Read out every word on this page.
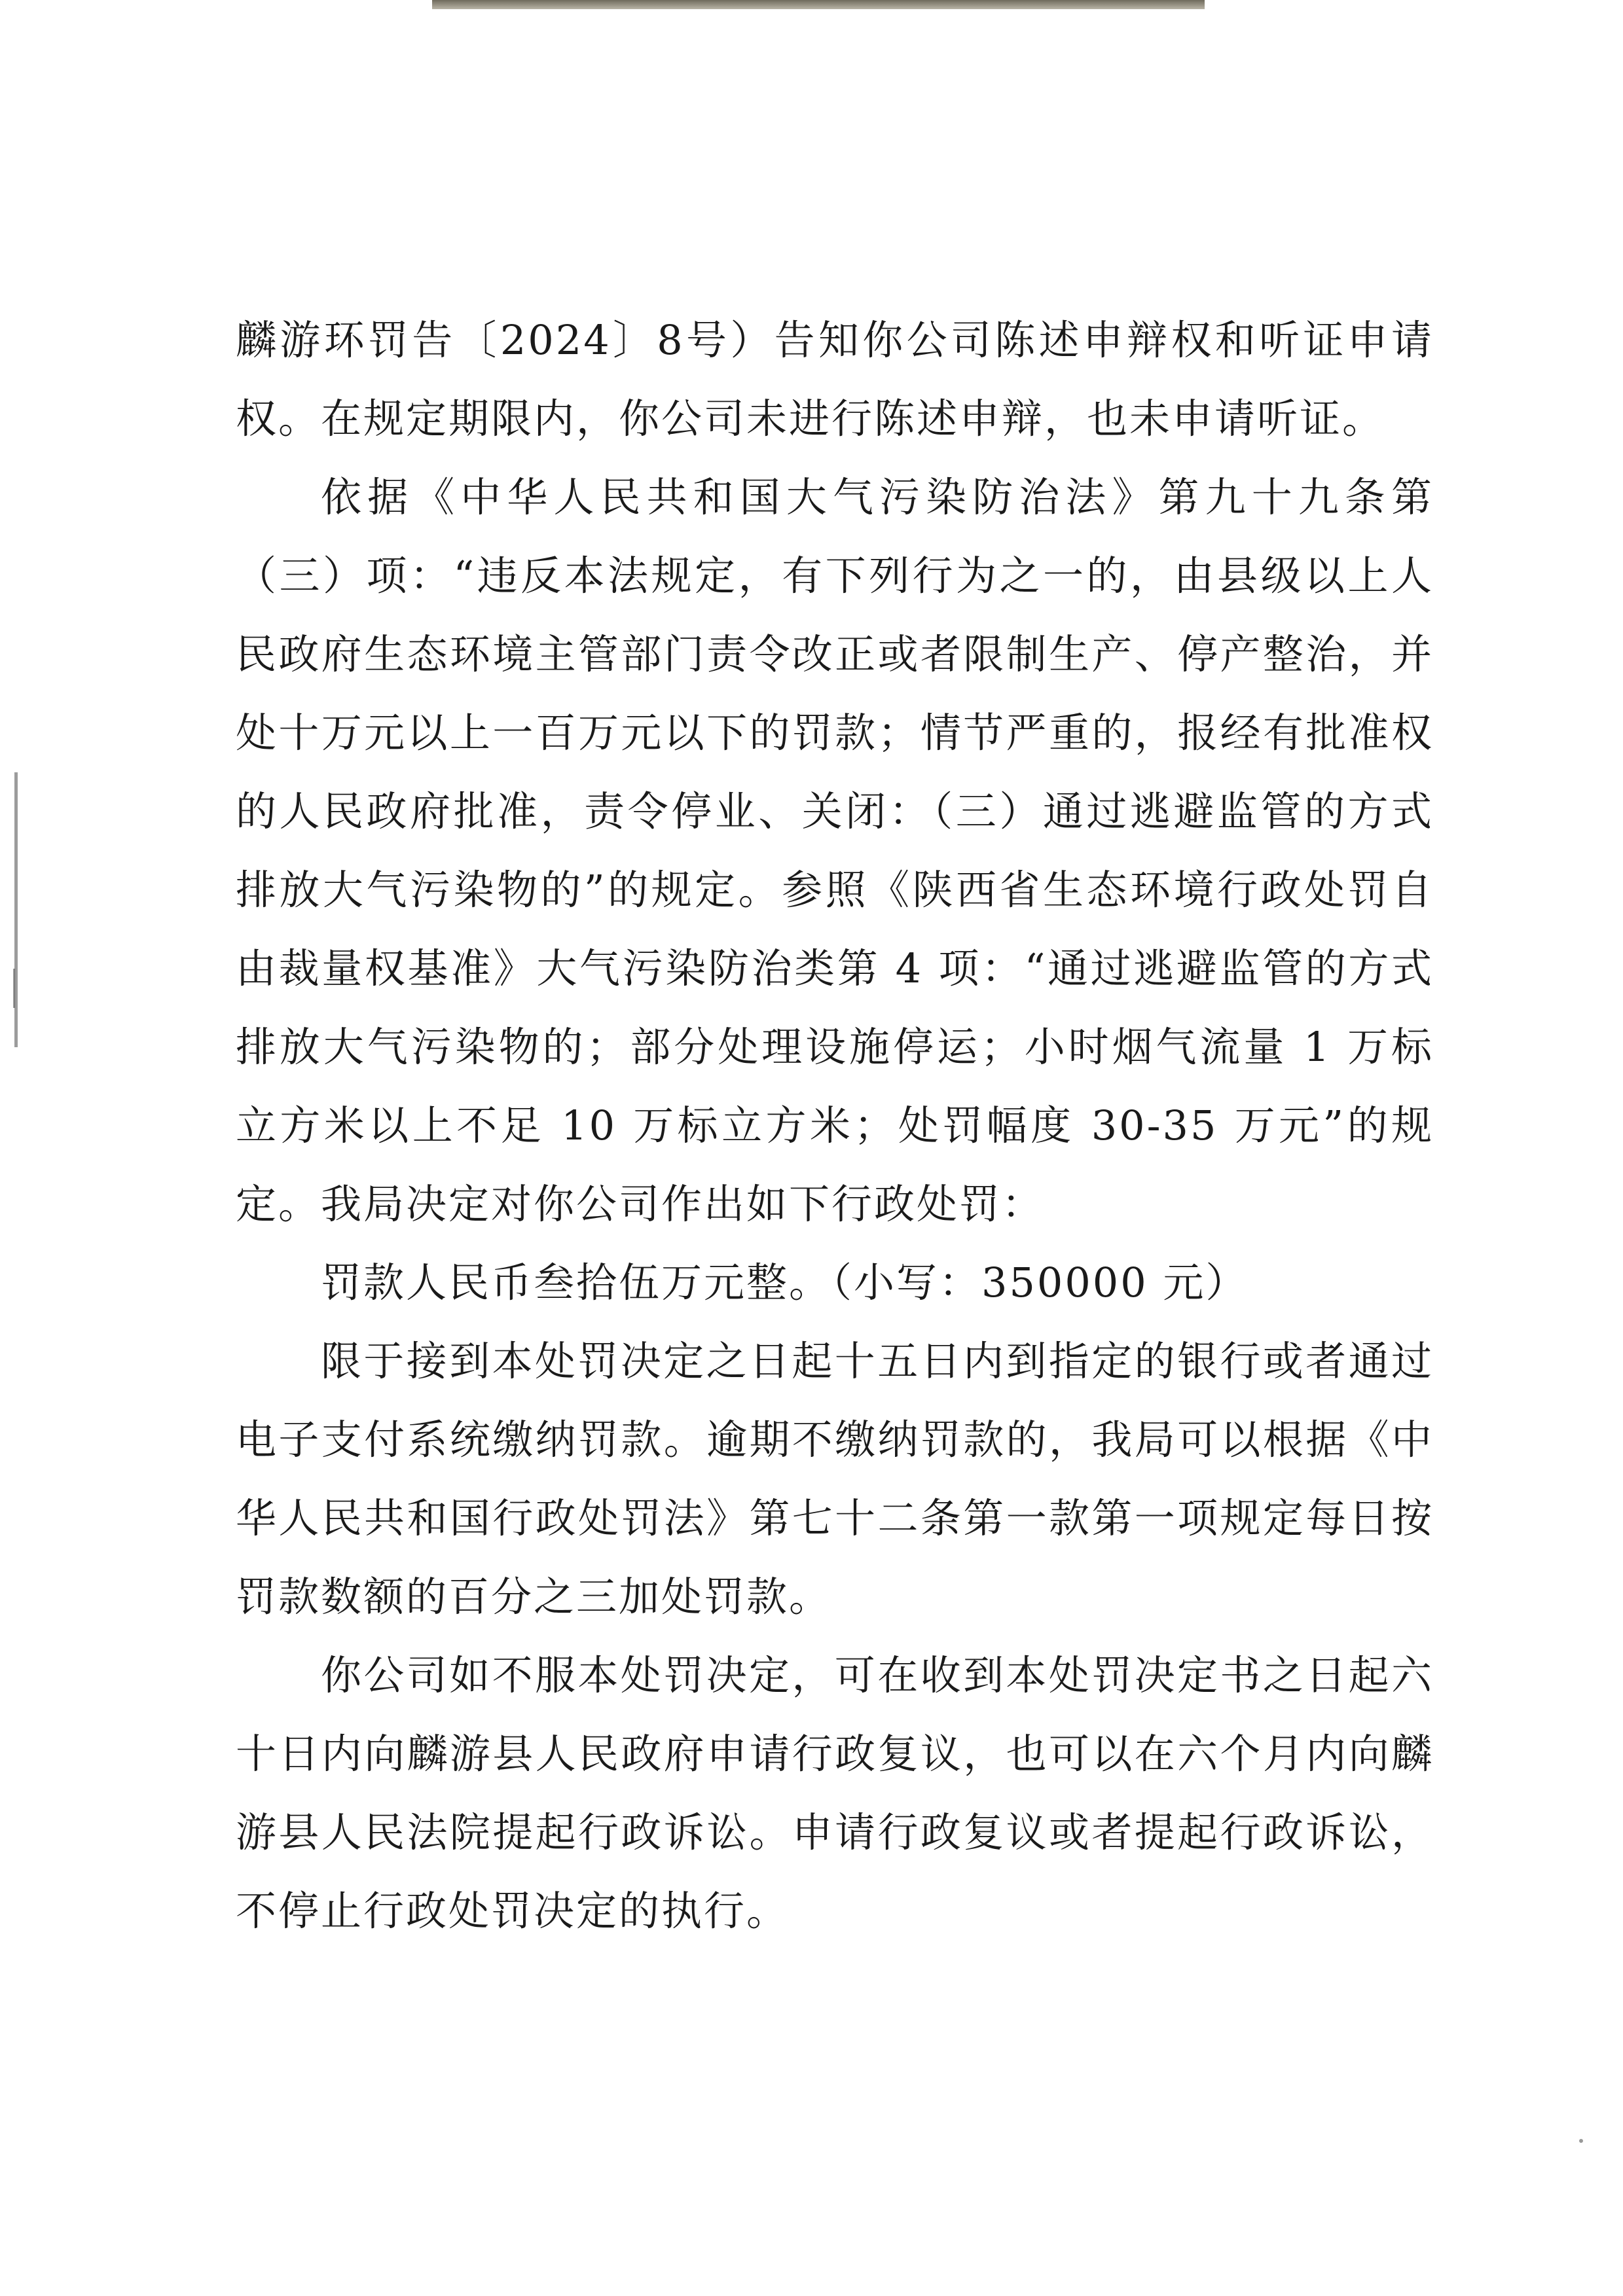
麟游环罚告〔2024〕8号）告知你公司陈述申辩权和听证申请权。在规定期限内，你公司未进行陈述申辩，也未申请听证。

依据《中华人民共和国大气污染防治法》第九十九条第（三）项：“违反本法规定，有下列行为之一的，由县级以上人民政府生态环境主管部门责令改正或者限制生产、停产整治，并处十万元以上一百万元以下的罚款；情节严重的，报经有批准权的人民政府批准，责令停业、关闭：（三）通过逃避监管的方式排放大气污染物的”的规定。参照《陕西省生态环境行政处罚自由裁量权基准》大气污染防治类第 4 项：“通过逃避监管的方式排放大气污染物的；部分处理设施停运；小时烟气流量 1 万标立方米以上不足 10 万标立方米；处罚幅度 30-35 万元”的规定。我局决定对你公司作出如下行政处罚：

罚款人民币叁拾伍万元整。（小写：350000 元）

限于接到本处罚决定之日起十五日内到指定的银行或者通过电子支付系统缴纳罚款。逾期不缴纳罚款的，我局可以根据《中华人民共和国行政处罚法》第七十二条第一款第一项规定每日按罚款数额的百分之三加处罚款。

你公司如不服本处罚决定，可在收到本处罚决定书之日起六十日内向麟游县人民政府申请行政复议，也可以在六个月内向麟游县人民法院提起行政诉讼。申请行政复议或者提起行政诉讼，不停止行政处罚决定的执行。
